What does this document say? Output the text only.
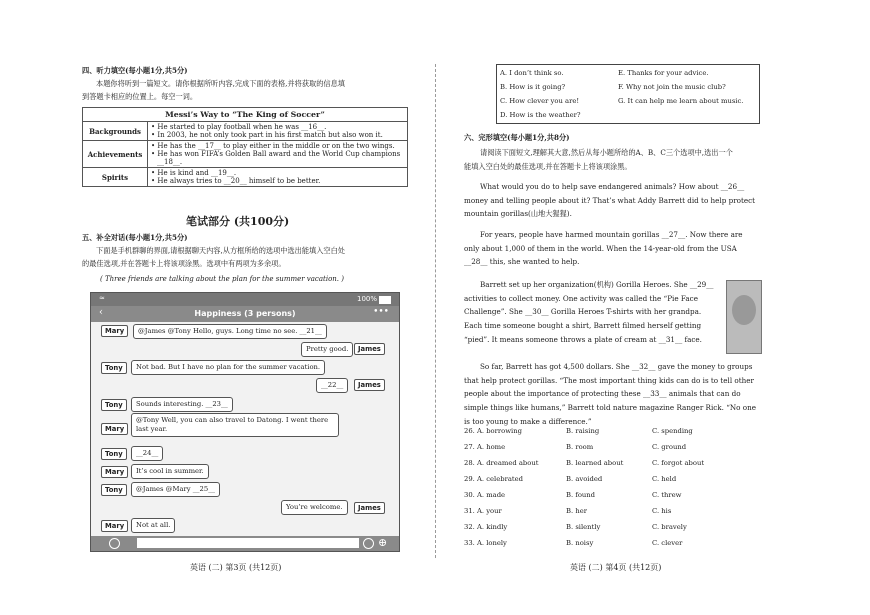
四、听力填空(每小题1分,共5分)
本题你将听到一篇短文。请你根据所听内容,完成下面的表格,并将获取的信息填
到答题卡相应的位置上。每空一词。
Messi’s Way to “The King of Soccer”	
Backgrounds	• He started to play football when he was __16__.
• In 2003, he not only took part in his first match but also won it.

Achievements	• He has the __17__ to play either in the middle or on the two wings.
• He has won FIFA’s Golden Ball award and the World Cup champions
__18__.

Spirits	• He is kind and __19__.
• He always tries to __20__ himself to be better.
笔试部分 (共100分)
五、补全对话(每小题1分,共5分)
下面是手机群聊的界面,请根据聊天内容,从方框所给的选项中选出能填入空白处
的最佳选项,并在答题卡上将该项涂黑。选项中有两项为多余项。
( Three friends are talking about the plan for the summer vacation. )
≈	100%
Happiness (3 persons)
‹	•••
Mary	@James @Tony Hello, guys. Long time no see. __21__
James
Pretty good.
Tony	Not bad. But I have no plan for the summer vacation.
James
__22__
Tony	Sounds interesting. __23__
Mary
@Tony Well, you can also travel to Datong. I went there last year.
Tony	__24__
Mary	It’s cool in summer.
Tony	@James @Mary __25__
James
You’re welcome.
Mary	Not at all.
⊕
英语 (二) 第3页 (共12页)
A. I don’t think so.	E. Thanks for your advice.
B. How is it going?	F. Why not join the music club?
C. How clever you are!	G. It can help me learn about music.
D. How is the weather?
六、完形填空(每小题1分,共8分)
请阅读下面短文,理解其大意,然后从每小题所给的A、B、C三个选项中,选出一个
能填入空白处的最佳选项,并在答题卡上将该项涂黑。
What would you do to help save endangered animals? How about __26__ money and telling people about it? That’s what Addy Barrett did to help protect mountain gorillas(山地大猩猩).
For years, people have harmed mountain gorillas __27__. Now there are only about 1,000 of them in the world. When the 14-year-old from the USA __28__ this, she wanted to help.
Barrett set up her organization(机构) Gorilla Heroes. She __29__ activities to collect money. One activity was called the “Pie Face Challenge”. She __30__ Gorilla Heroes T-shirts with her grandpa. Each time someone bought a shirt, Barrett filmed herself getting “pied”. It means someone throws a plate of cream at __31__ face.
So far, Barrett has got 4,500 dollars. She __32__ gave the money to groups that help protect gorillas. “The most important thing kids can do is to tell other people about the importance of protecting these __33__ animals that can do simple things like humans,” Barrett told nature magazine Ranger Rick. “No one is too young to make a difference.”
26. A. borrowing	B. raising	C. spending
27. A. home	B. room	C. ground
28. A. dreamed about	B. learned about	C. forgot about
29. A. celebrated	B. avoided	C. held
30. A. made	B. found	C. threw
31. A. your	B. her	C. his
32. A. kindly	B. silently	C. bravely
33. A. lonely	B. noisy	C. clever
英语 (二) 第4页 (共12页)
